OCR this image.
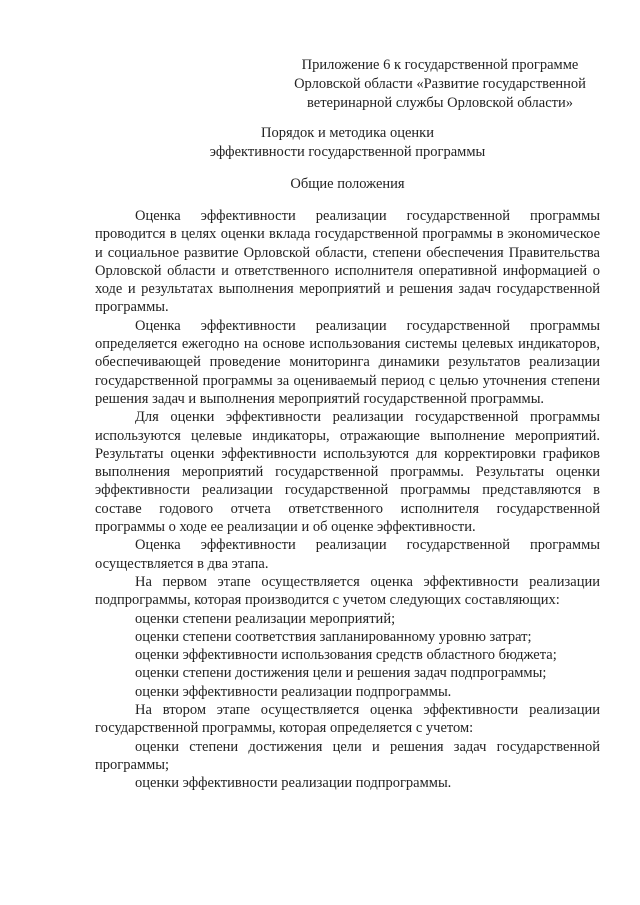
Приложение 6 к государственной программе
Орловской области «Развитие государственной
ветеринарной службы Орловской области»
Порядок и методика оценки
эффективности государственной программы
Общие положения

Оценка эффективности реализации государственной программы проводится в целях оценки вклада государственной программы в экономическое и социальное развитие Орловской области, степени обеспечения Правительства Орловской области и ответственного исполнителя оперативной информацией о ходе и результатах выполнения мероприятий и решения задач государственной программы.

Оценка эффективности реализации государственной программы определяется ежегодно на основе использования системы целевых индикаторов, обеспечивающей проведение мониторинга динамики результатов реализации государственной программы за оцениваемый период с целью уточнения степени решения задач и выполнения мероприятий государственной программы.

Для оценки эффективности реализации государственной программы используются целевые индикаторы, отражающие выполнение мероприятий. Результаты оценки эффективности используются для корректировки графиков выполнения мероприятий государственной программы. Результаты оценки эффективности реализации государственной программы представляются в составе годового отчета ответственного исполнителя государственной программы о ходе ее реализации и об оценке эффективности.

Оценка эффективности реализации государственной программы осуществляется в два этапа.

На первом этапе осуществляется оценка эффективности реализации подпрограммы, которая производится с учетом следующих составляющих:

оценки степени реализации мероприятий;

оценки степени соответствия запланированному уровню затрат;

оценки эффективности использования средств областного бюджета;

оценки степени достижения цели и решения задач подпрограммы;

оценки эффективности реализации подпрограммы.

На втором этапе осуществляется оценка эффективности реализации государственной программы, которая определяется с учетом:

оценки степени достижения цели и решения задач государственной программы;

оценки эффективности реализации подпрограммы.
